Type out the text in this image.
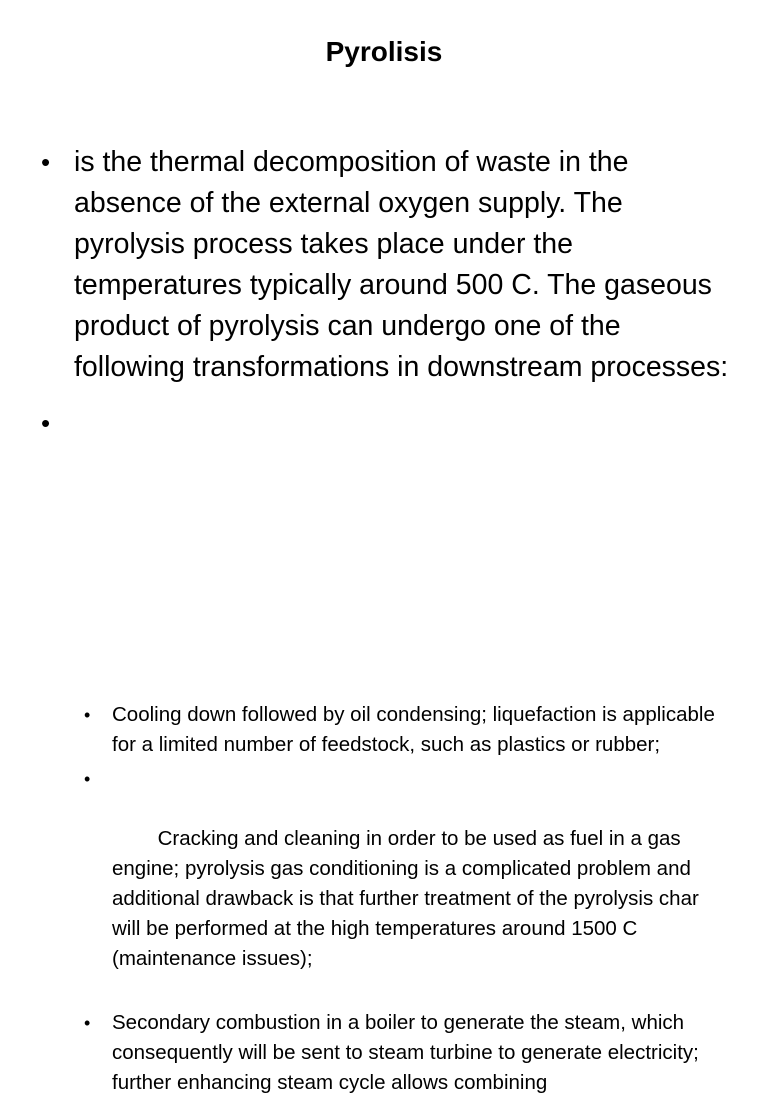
Pyrolisis
• is the thermal decomposition of waste in the absence of the external oxygen supply. The pyrolysis process takes place under the temperatures typically around 500 C. The gaseous product of pyrolysis can undergo one of the following transformations in downstream processes:
•
• Cooling down followed by oil condensing; liquefaction is applicable for a limited number of feedstock, such as plastics or rubber;

•

Cracking and cleaning in order to be used as fuel in a gas engine; pyrolysis gas conditioning is a complicated problem and additional drawback is that further treatment of the pyrolysis char will be performed at the high temperatures around 1500 C (maintenance issues);

• Secondary combustion in a boiler to generate the steam, which consequently will be sent to steam turbine to generate electricity; further enhancing steam cycle allows combining
